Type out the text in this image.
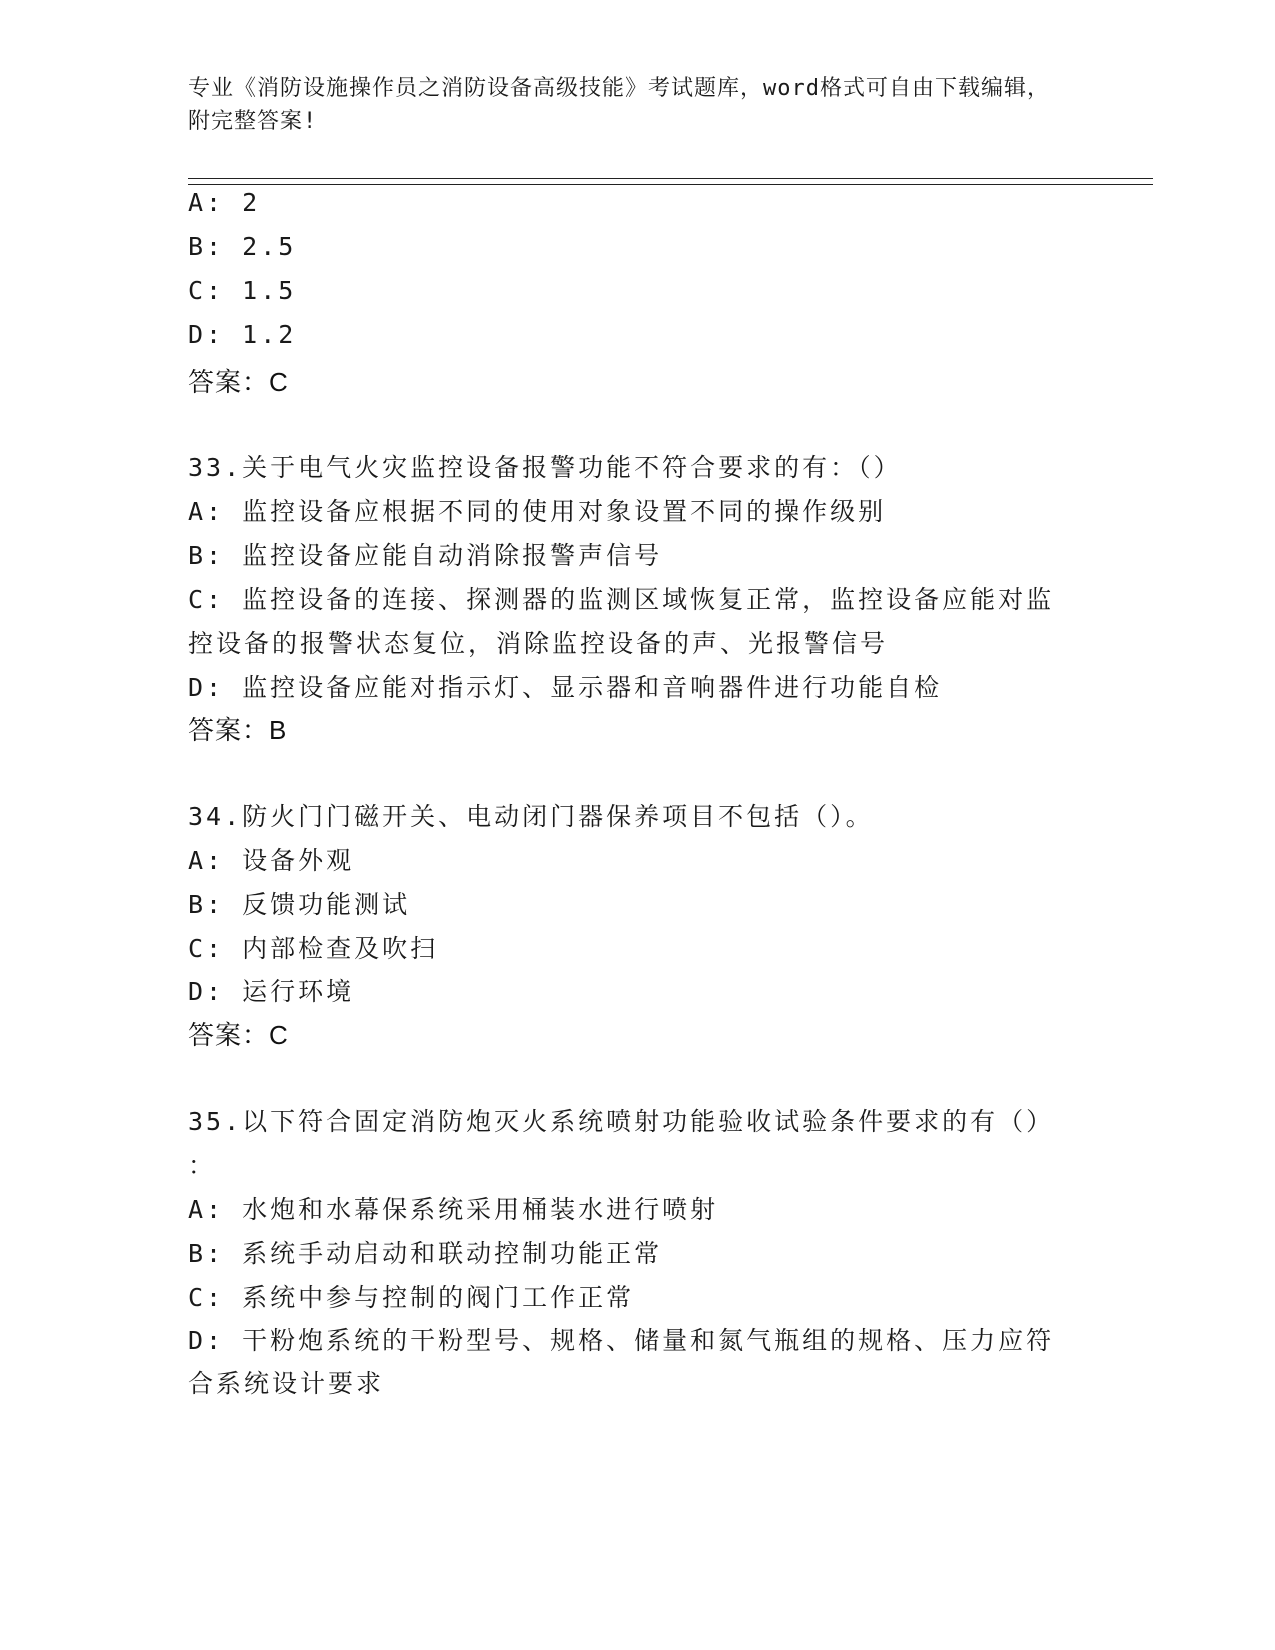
专业《消防设施操作员之消防设备高级技能》考试题库，word格式可自由下载编辑，附完整答案!
A: 2
B: 2.5
C: 1.5
D: 1.2
答案：C
33.关于电气火灾监控设备报警功能不符合要求的有：（）
A: 监控设备应根据不同的使用对象设置不同的操作级别
B: 监控设备应能自动消除报警声信号
C: 监控设备的连接、探测器的监测区域恢复正常，监控设备应能对监
控设备的报警状态复位，消除监控设备的声、光报警信号
D: 监控设备应能对指示灯、显示器和音响器件进行功能自检
答案：B
34.防火门门磁开关、电动闭门器保养项目不包括（）。
A: 设备外观
B: 反馈功能测试
C: 内部检查及吹扫
D: 运行环境
答案：C
35.以下符合固定消防炮灭火系统喷射功能验收试验条件要求的有（）
：
A: 水炮和水幕保系统采用桶装水进行喷射
B: 系统手动启动和联动控制功能正常
C: 系统中参与控制的阀门工作正常
D: 干粉炮系统的干粉型号、规格、储量和氮气瓶组的规格、压力应符
合系统设计要求
